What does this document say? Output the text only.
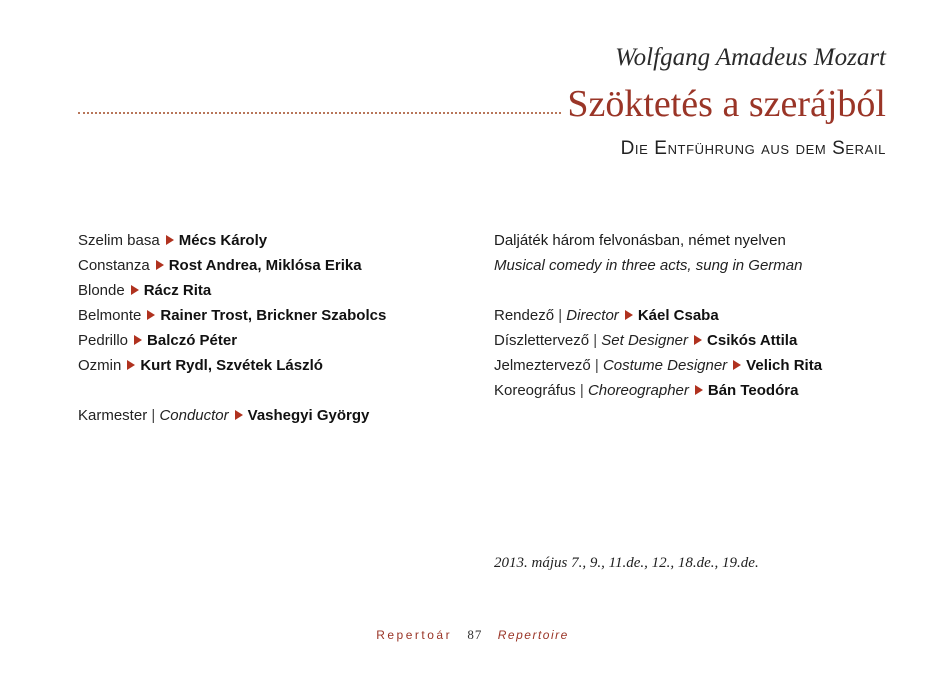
Wolfgang Amadeus Mozart
Szöktetés a szerájból
Die Entführung aus dem Serail
Szelim basa Mécs Károly
Constanza Rost Andrea, Miklósa Erika
Blonde Rácz Rita
Belmonte Rainer Trost, Brickner Szabolcs
Pedrillo Balczó Péter
Ozmin Kurt Rydl, Szvétek László
Karmester | Conductor Vashegyi György
Daljáték három felvonásban, német nyelven
Musical comedy in three acts, sung in German
Rendező | Director Káel Csaba
Díszlettervező | Set Designer Csikós Attila
Jelmeztervező | Costume Designer Velich Rita
Koreográfus | Choreographer Bán Teodóra
2013. május 7., 9., 11.de., 12., 18.de., 19.de.
Repertoár 87 Repertoire
